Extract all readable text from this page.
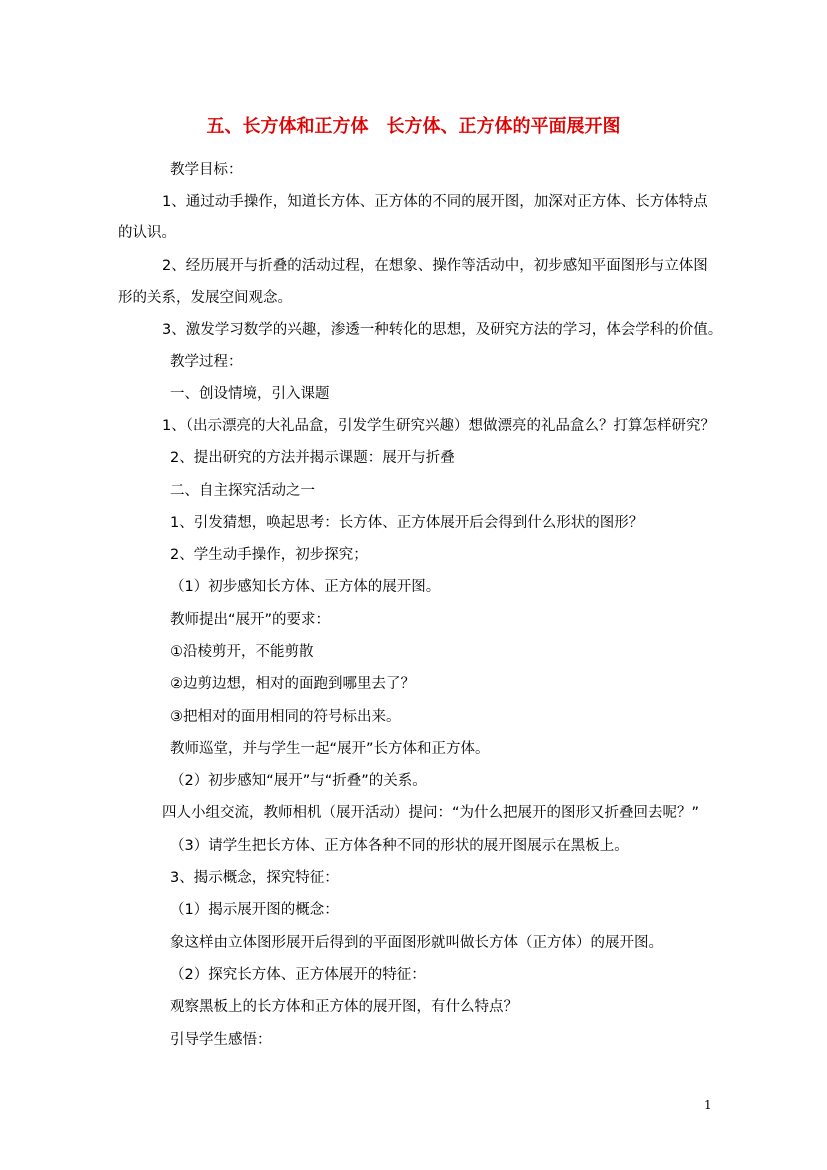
五、长方体和正方体　长方体、正方体的平面展开图
教学目标：
1、通过动手操作，知道长方体、正方体的不同的展开图，加深对正方体、长方体特点
的认识。
2、经历展开与折叠的活动过程，在想象、操作等活动中，初步感知平面图形与立体图
形的关系，发展空间观念。
3、激发学习数学的兴趣，渗透一种转化的思想，及研究方法的学习，体会学科的价值。
教学过程：
一、创设情境，引入课题
1、（出示漂亮的大礼品盒，引发学生研究兴趣）想做漂亮的礼品盒么？打算怎样研究？
2、提出研究的方法并揭示课题：展开与折叠
二、自主探究活动之一
1、引发猜想，唤起思考：长方体、正方体展开后会得到什么形状的图形？
2、学生动手操作，初步探究；
（1）初步感知长方体、正方体的展开图。
教师提出“展开”的要求：
①沿棱剪开，不能剪散
②边剪边想，相对的面跑到哪里去了？
③把相对的面用相同的符号标出来。
教师巡堂，并与学生一起“展开”长方体和正方体。
（2）初步感知“展开”与“折叠”的关系。
四人小组交流，教师相机（展开活动）提问：“为什么把展开的图形又折叠回去呢？”
（3）请学生把长方体、正方体各种不同的形状的展开图展示在黑板上。
3、揭示概念，探究特征：
（1）揭示展开图的概念：
象这样由立体图形展开后得到的平面图形就叫做长方体（正方体）的展开图。
（2）探究长方体、正方体展开的特征：
观察黑板上的长方体和正方体的展开图，有什么特点？
引导学生感悟：
1
